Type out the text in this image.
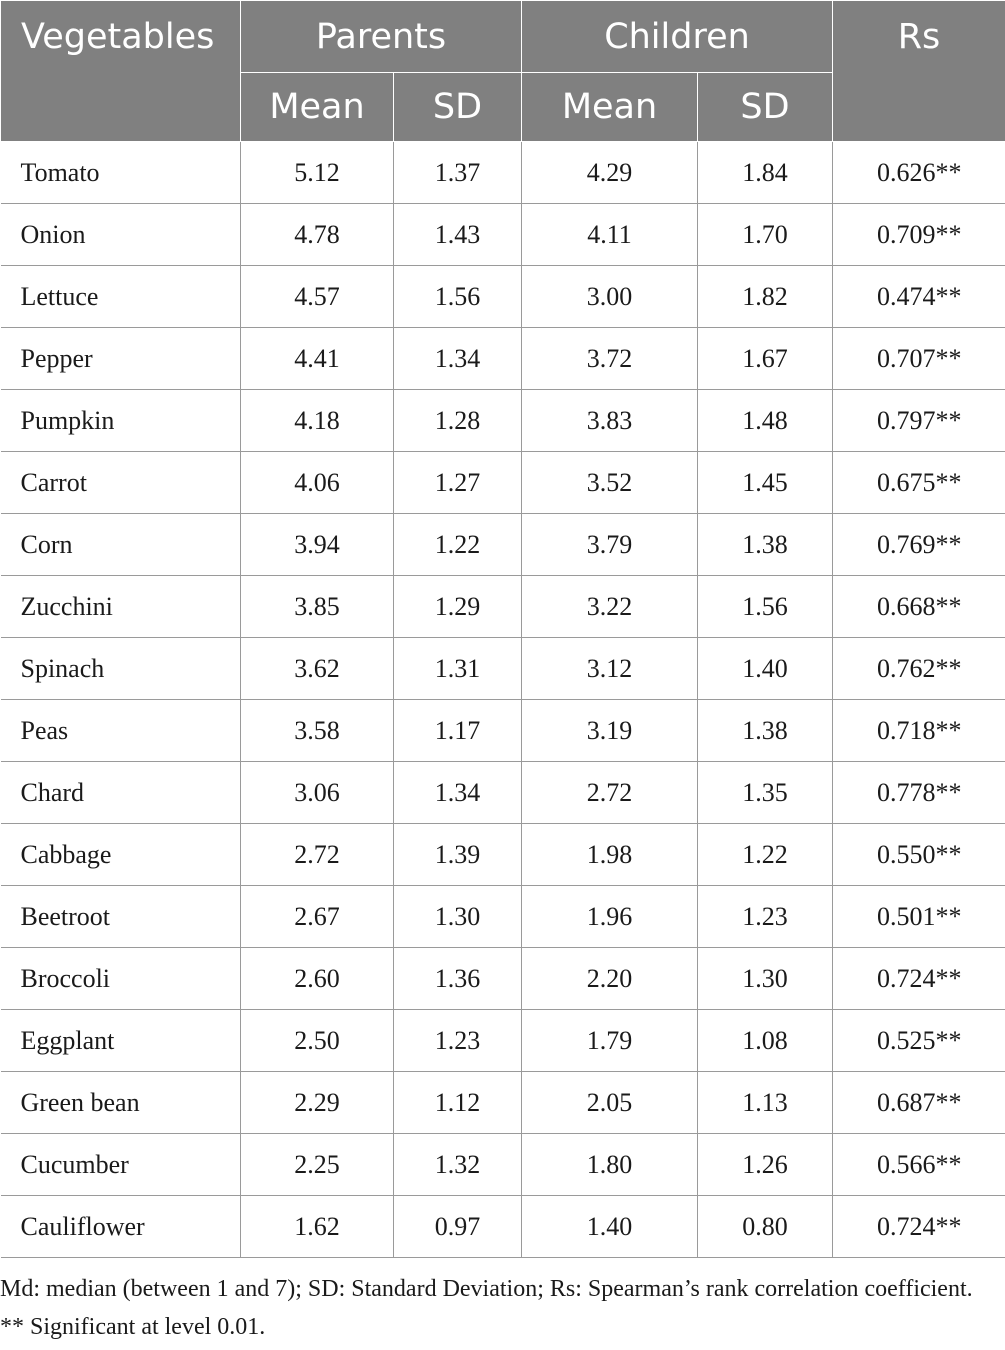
Vegetables	Parents		Children		Rs
	Mean	SD	Mean	SD	
Tomato	5.12	1.37	4.29	1.84	0.626**
Onion	4.78	1.43	4.11	1.70	0.709**
Lettuce	4.57	1.56	3.00	1.82	0.474**
Pepper	4.41	1.34	3.72	1.67	0.707**
Pumpkin	4.18	1.28	3.83	1.48	0.797**
Carrot	4.06	1.27	3.52	1.45	0.675**
Corn	3.94	1.22	3.79	1.38	0.769**
Zucchini	3.85	1.29	3.22	1.56	0.668**
Spinach	3.62	1.31	3.12	1.40	0.762**
Peas	3.58	1.17	3.19	1.38	0.718**
Chard	3.06	1.34	2.72	1.35	0.778**
Cabbage	2.72	1.39	1.98	1.22	0.550**
Beetroot	2.67	1.30	1.96	1.23	0.501**
Broccoli	2.60	1.36	2.20	1.30	0.724**
Eggplant	2.50	1.23	1.79	1.08	0.525**
Green bean	2.29	1.12	2.05	1.13	0.687**
Cucumber	2.25	1.32	1.80	1.26	0.566**
Cauliflower	1.62	0.97	1.40	0.80	0.724**
Md: median (between 1 and 7); SD: Standard Deviation; Rs: Spearman’s rank correlation coefficient. ** Significant at level 0.01.
